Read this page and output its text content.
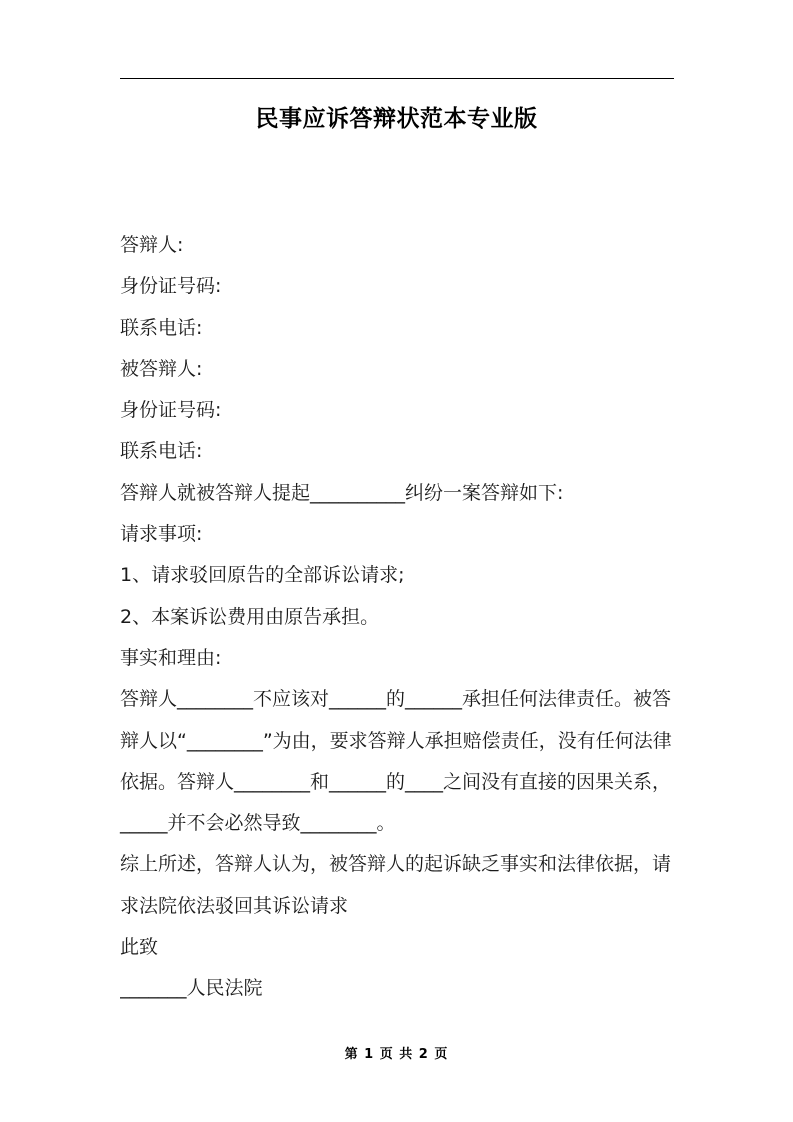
民事应诉答辩状范本专业版
答辩人:
身份证号码:
联系电话:
被答辩人:
身份证号码:
联系电话:
答辩人就被答辩人提起__________纠纷一案答辩如下:
请求事项:
1、请求驳回原告的全部诉讼请求;
2、本案诉讼费用由原告承担。
事实和理由:
答辩人________不应该对______的______承担任何法律责任。被答辩人以“________”为由，要求答辩人承担赔偿责任，没有任何法律依据。答辩人________和______的____之间没有直接的因果关系，_____并不会必然导致________。
综上所述，答辩人认为，被答辩人的起诉缺乏事实和法律依据，请求法院依法驳回其诉讼请求
此致
_______人民法院
第 1 页 共 2 页
